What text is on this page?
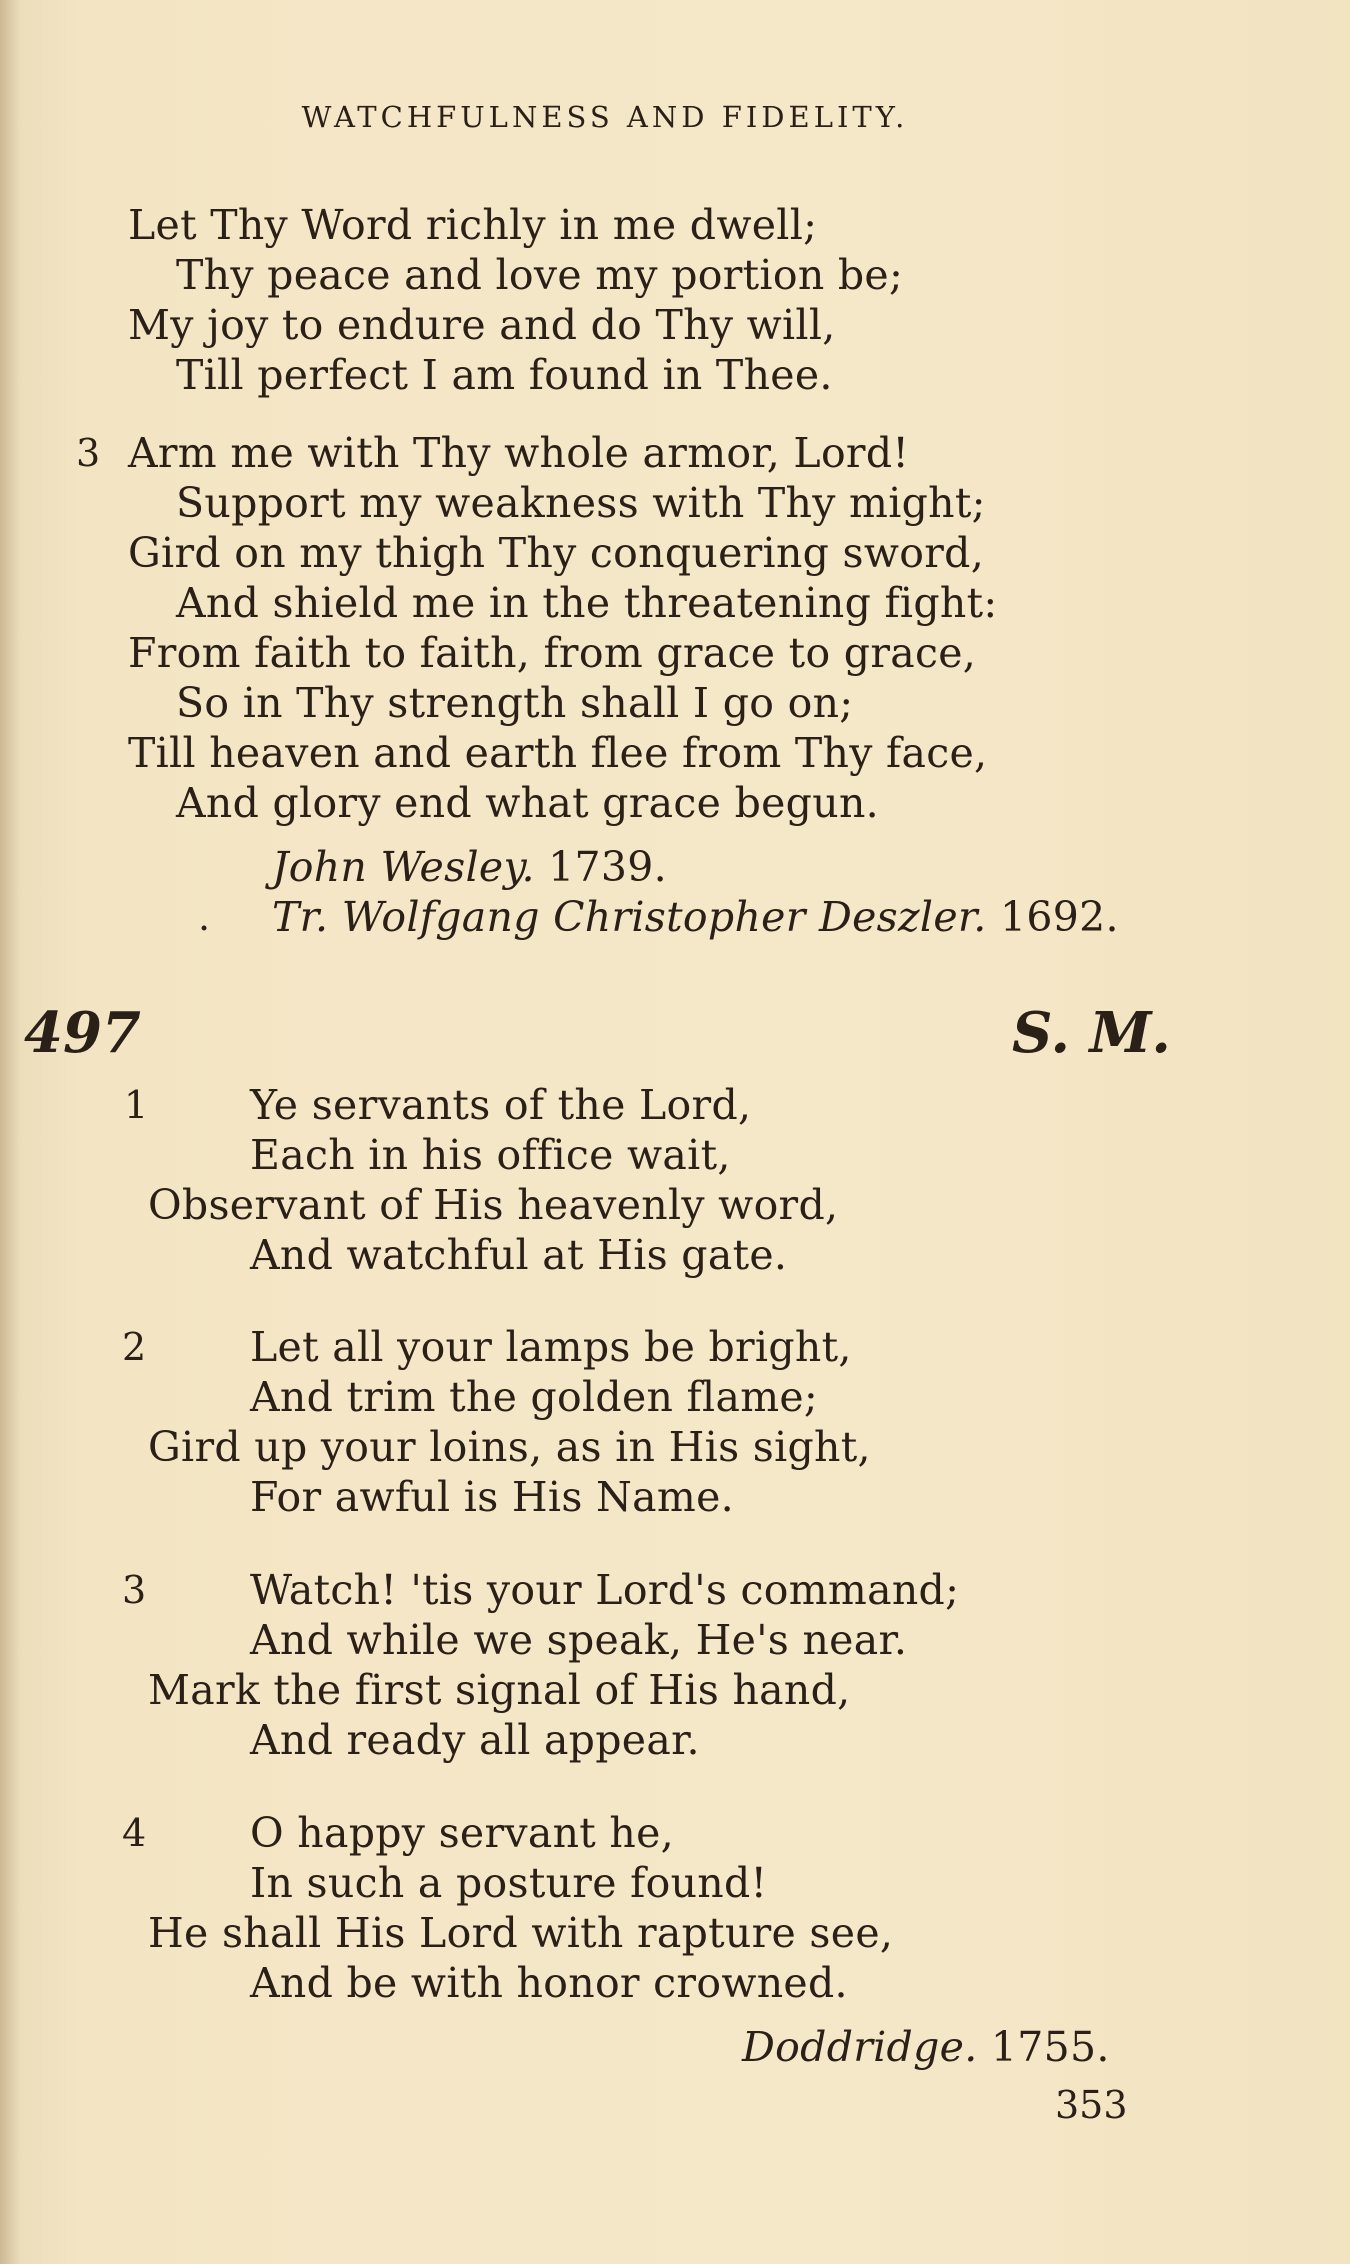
WATCHFULNESS AND FIDELITY.
Let Thy Word richly in me dwell;
Thy peace and love my portion be;
My joy to endure and do Thy will,
Till perfect I am found in Thee.
3 Arm me with Thy whole armor, Lord!
Support my weakness with Thy might;
Gird on my thigh Thy conquering sword,
And shield me in the threatening fight:
From faith to faith, from grace to grace,
So in Thy strength shall I go on;
Till heaven and earth flee from Thy face,
And glory end what grace begun.
John Wesley. 1739.
. Tr. Wolfgang Christopher Deszler. 1692.
497	S. M.
1 Ye servants of the Lord,
Each in his office wait,
Observant of His heavenly word,
And watchful at His gate.
2	Let all your lamps be bright,
And trim the golden flame;
Gird up your loins, as in His sight,
For awful is His Name.
3	Watch! 'tis your Lord's command;
And while we speak, He's near.
Mark the first signal of His hand,
And ready all appear.
4	O happy servant he,
In such a posture found!
He shall His Lord with rapture see,
And be with honor crowned.
Doddridge. 1755.
353
